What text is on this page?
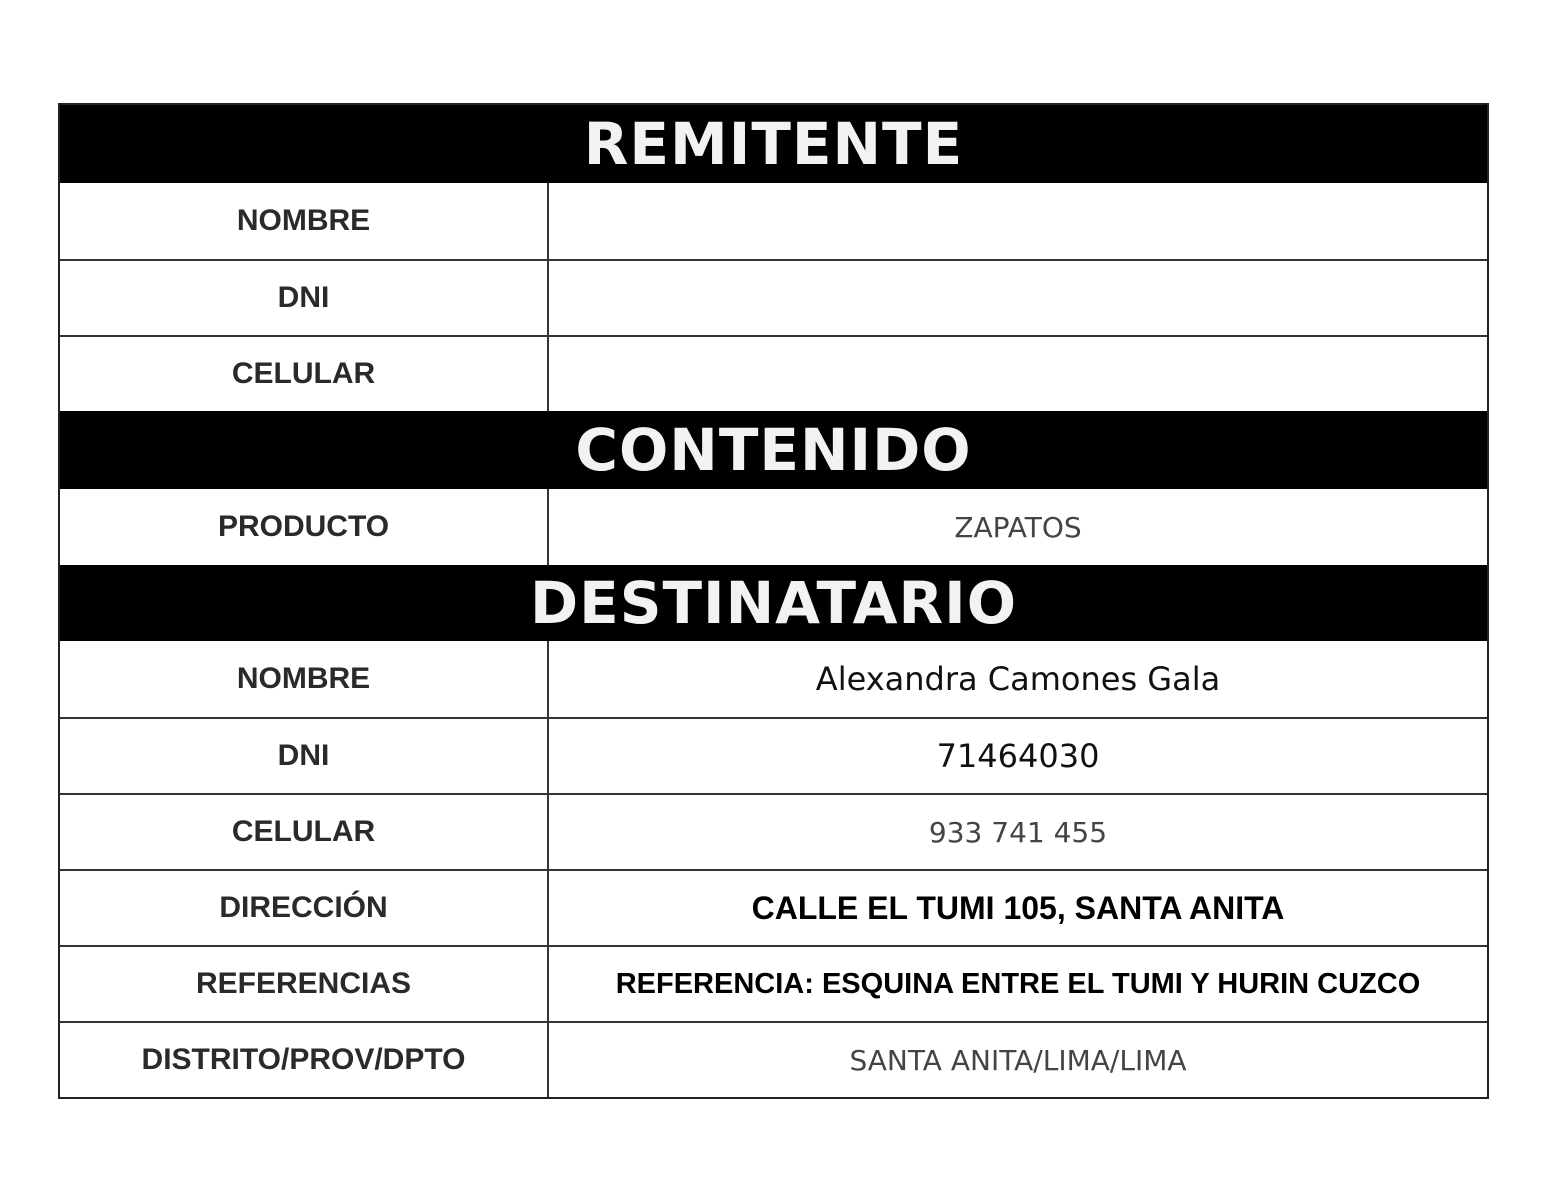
REMITENTE
NOMBRE
DNI
CELULAR
CONTENIDO
PRODUCTO	ZAPATOS
DESTINATARIO
NOMBRE	Alexandra Camones Gala
DNI	71464030
CELULAR	933 741 455
DIRECCIÓN	CALLE EL TUMI 105, SANTA ANITA
REFERENCIAS	REFERENCIA: ESQUINA ENTRE EL TUMI Y HURIN CUZCO
DISTRITO/PROV/DPTO	SANTA ANITA/LIMA/LIMA
